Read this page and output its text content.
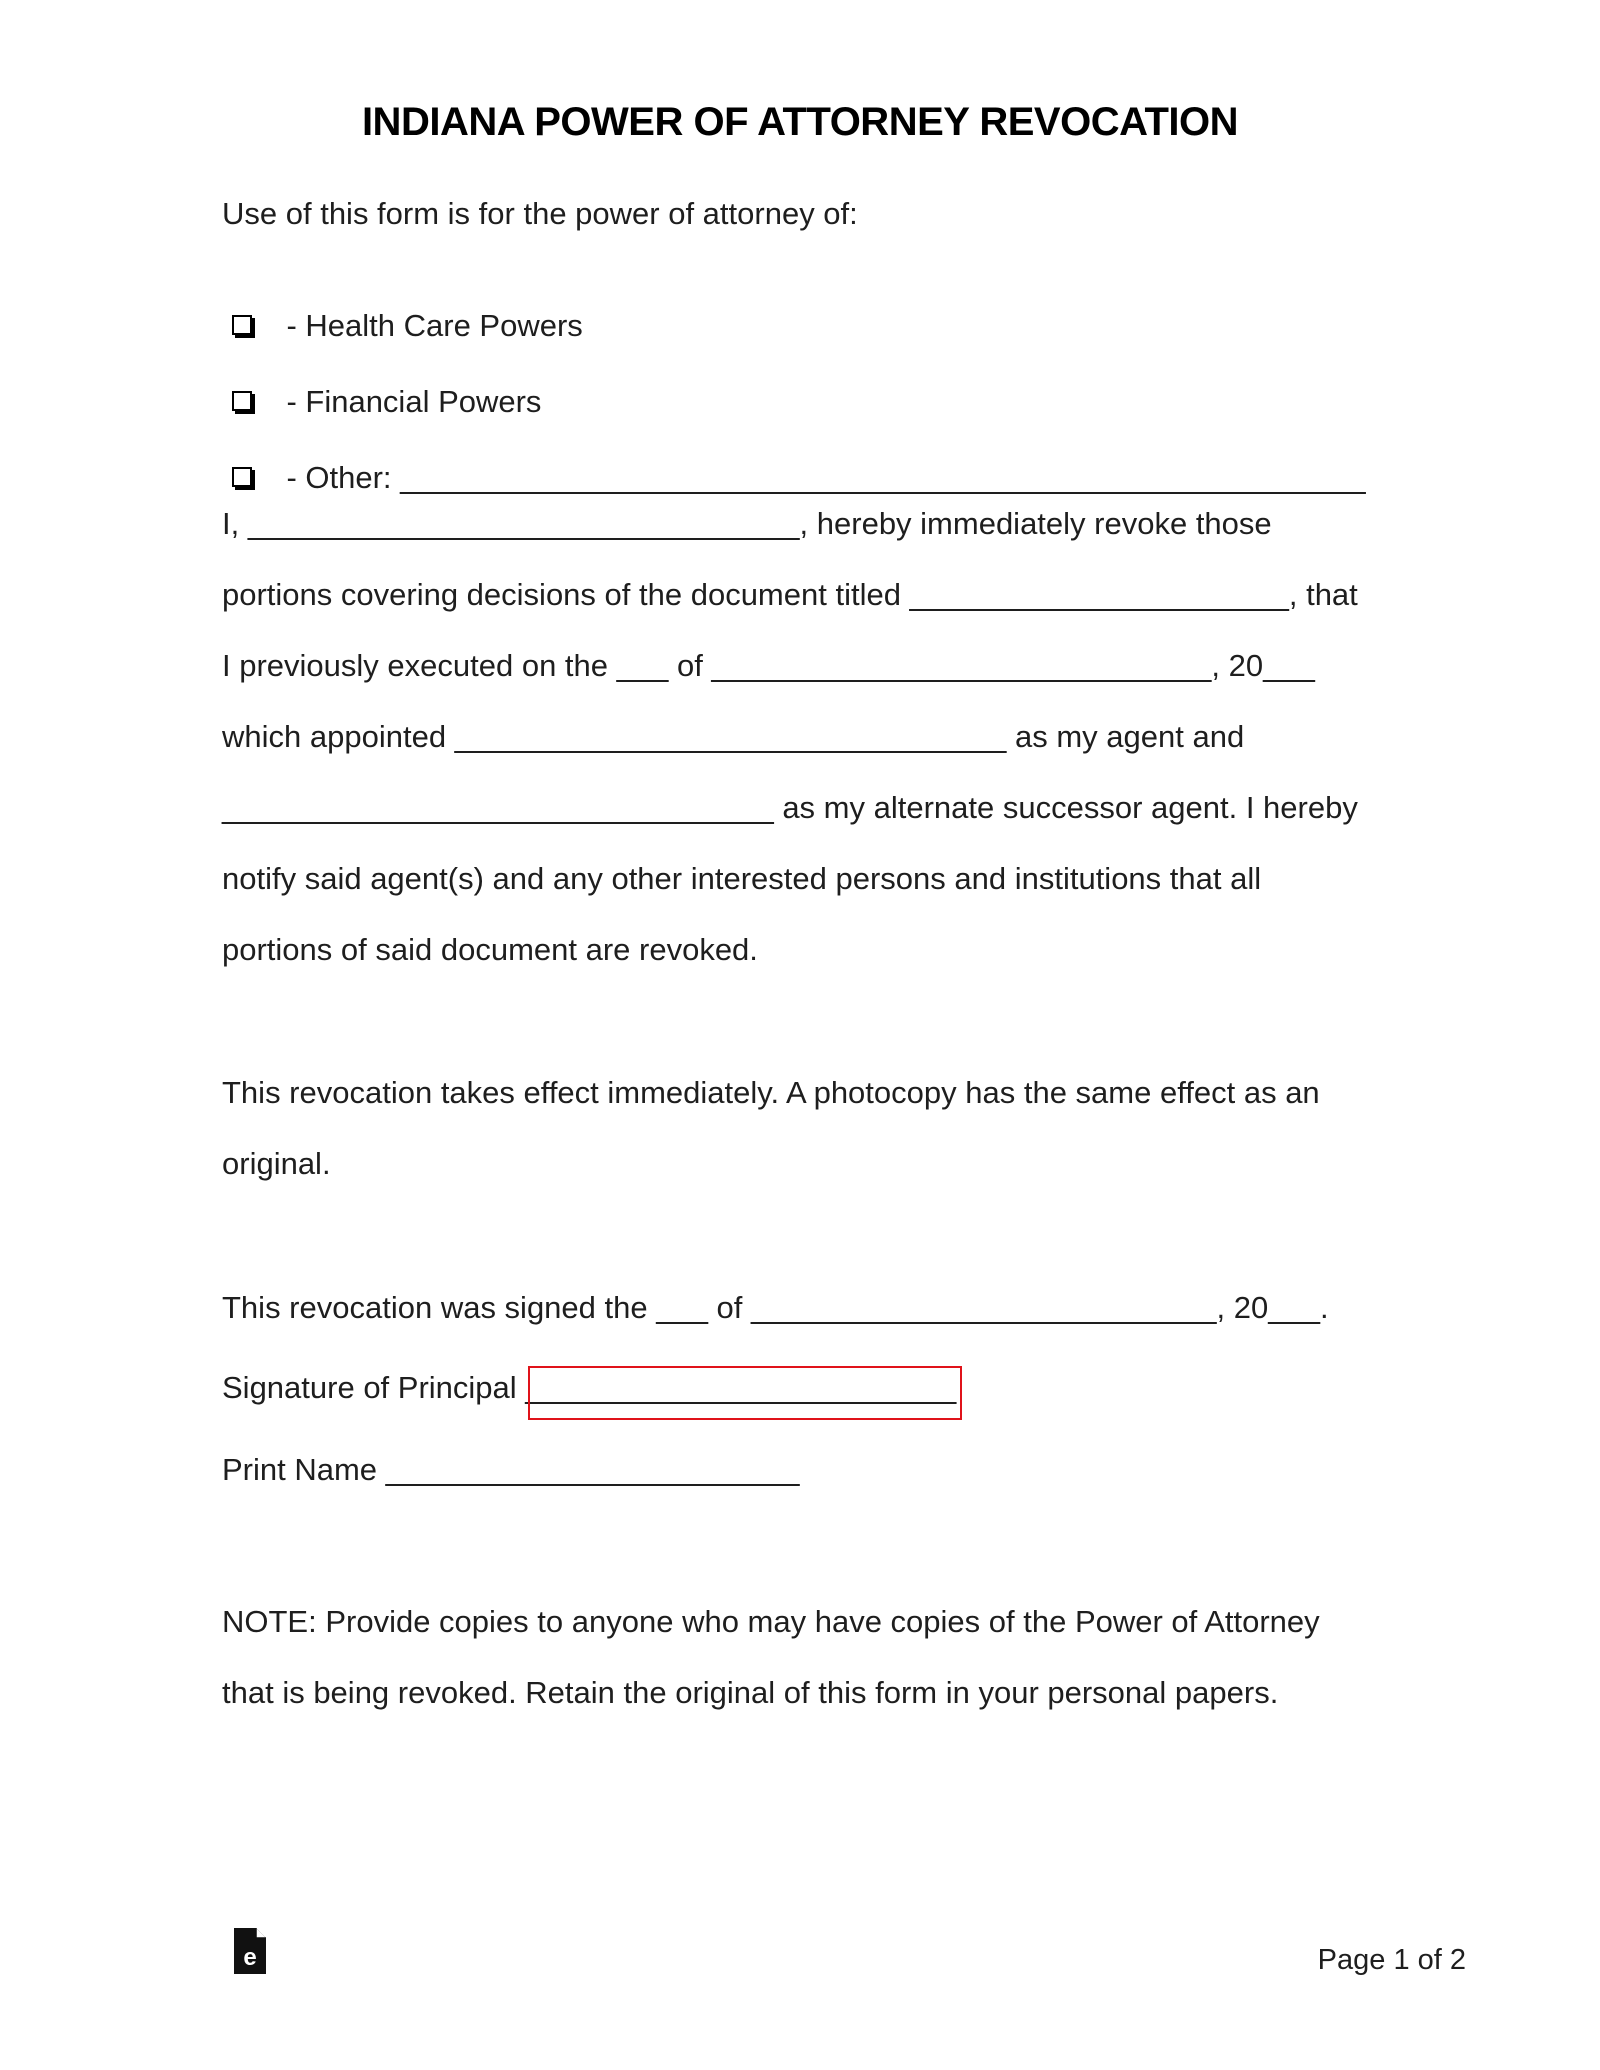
INDIANA POWER OF ATTORNEY REVOCATION
Use of this form is for the power of attorney of:

- Health Care Powers

- Financial Powers

- Other: ________________________________________________________

I, ________________________________, hereby immediately revoke those
portions covering decisions of the document titled ______________________, that
I previously executed on the ___ of _____________________________, 20___
which appointed ________________________________ as my agent and
________________________________ as my alternate successor agent. I hereby
notify said agent(s) and any other interested persons and institutions that all
portions of said document are revoked.
This revocation takes effect immediately. A photocopy has the same effect as an
original.
This revocation was signed the ___ of ___________________________, 20___.
Signature of Principal _________________________
Print Name ________________________
NOTE: Provide copies to anyone who may have copies of the Power of Attorney
that is being revoked. Retain the original of this form in your personal papers.
e	Page 1 of 2
